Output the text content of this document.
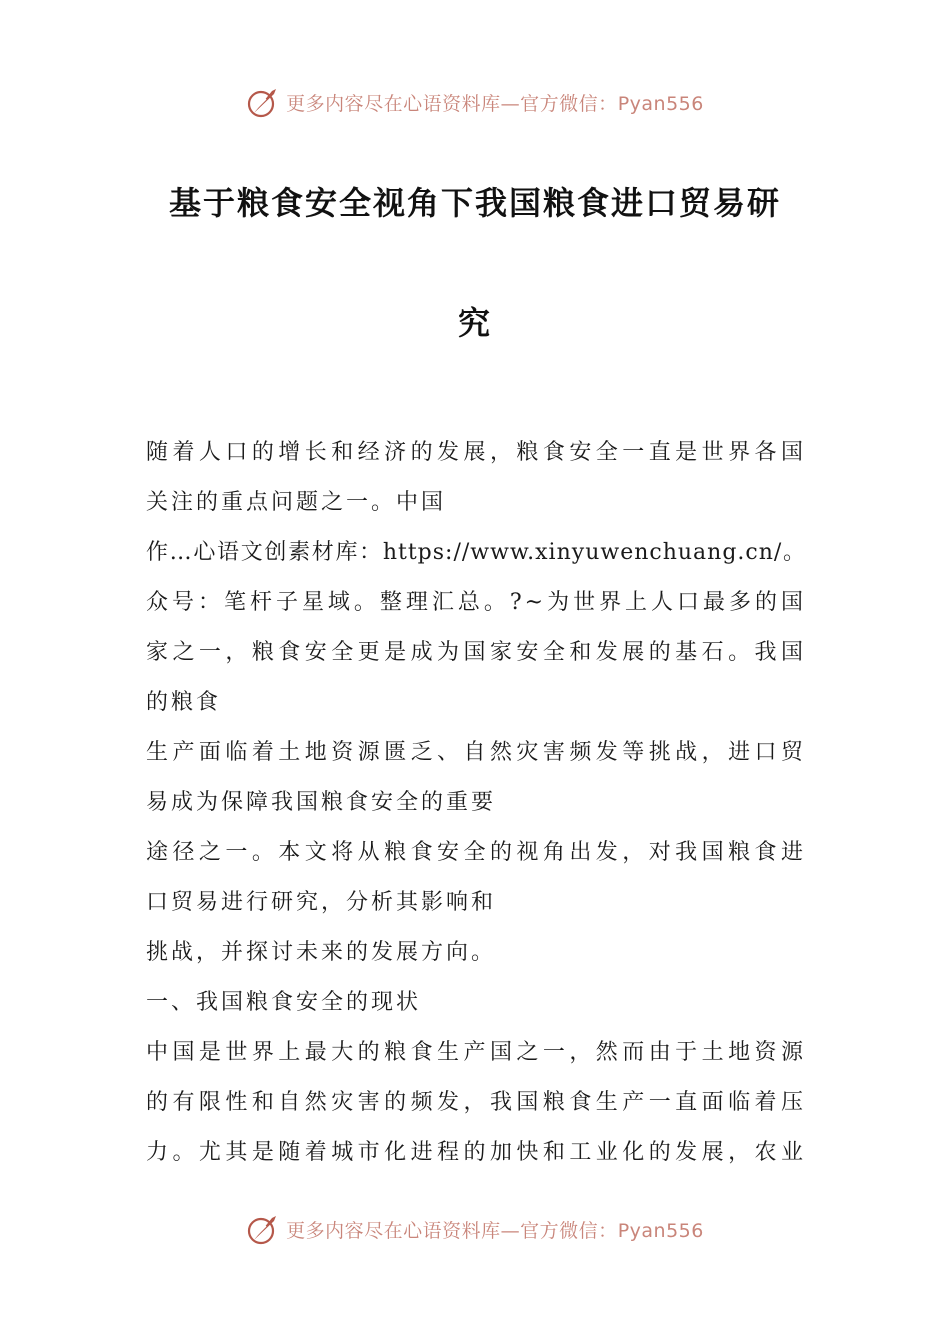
更多内容尽在心语资料库—官方微信：Pyan556
基于粮食安全视角下我国粮食进口贸易研
究
随着人口的增长和经济的发展，粮食安全一直是世界各国
关注的重点问题之一。中国
作…心语文创素材库：https://www.xinyuwenchuang.cn/。
众号：笔杆子星域。整理汇总。?~为世界上人口最多的国
家之一，粮食安全更是成为国家安全和发展的基石。我国
的粮食
生产面临着土地资源匮乏、自然灾害频发等挑战，进口贸
易成为保障我国粮食安全的重要
途径之一。本文将从粮食安全的视角出发，对我国粮食进
口贸易进行研究，分析其影响和
挑战，并探讨未来的发展方向。
一、我国粮食安全的现状
中国是世界上最大的粮食生产国之一，然而由于土地资源
的有限性和自然灾害的频发，我国粮食生产一直面临着压
力。尤其是随着城市化进程的加快和工业化的发展，农业
更多内容尽在心语资料库—官方微信：Pyan556
